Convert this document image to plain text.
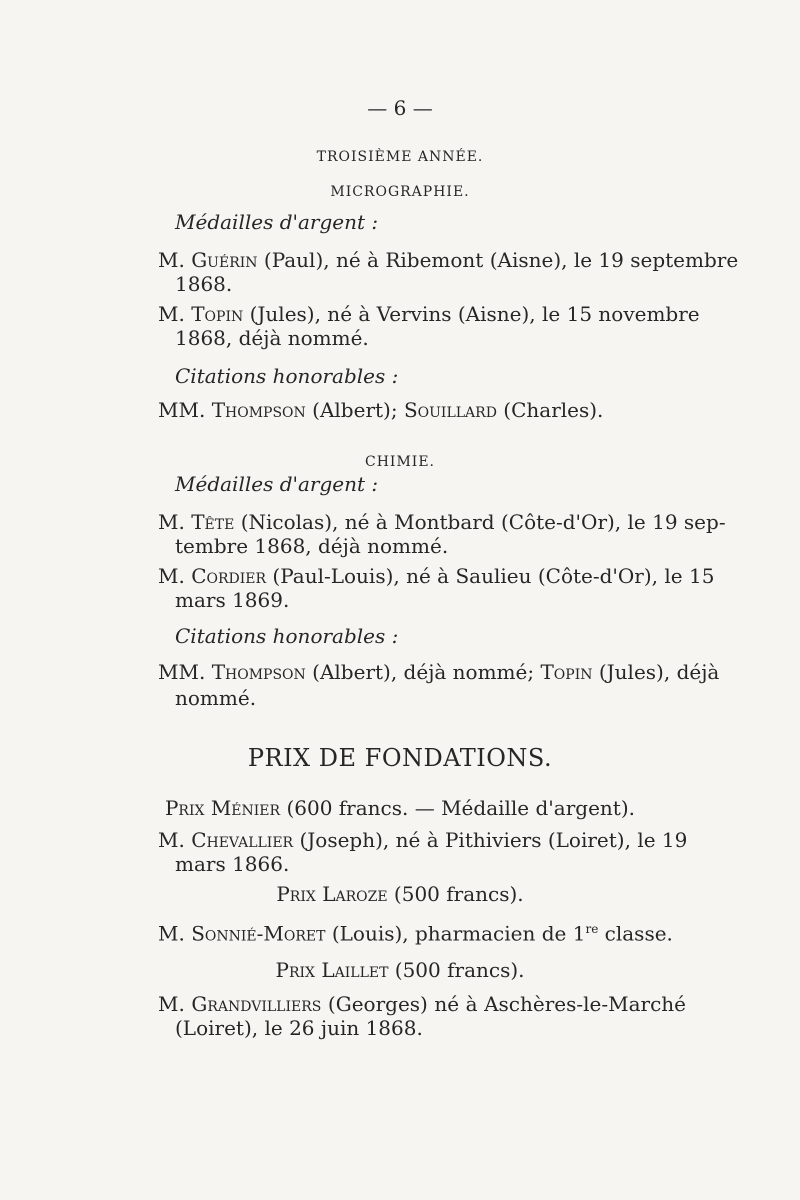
— 6 —
TROISIÈME ANNÉE.
MICROGRAPHIE.
Médailles d'argent :
M. Guérin (Paul), né à Ribemont (Aisne), le 19 septembre
1868.
M. Topin (Jules), né à Vervins (Aisne), le 15 novembre
1868, déjà nommé.
Citations honorables :
MM. Thompson (Albert); Souillard (Charles).
CHIMIE.
Médailles d'argent :
M. Tête (Nicolas), né à Montbard (Côte-d'Or), le 19 sep-
tembre 1868, déjà nommé.
M. Cordier (Paul-Louis), né à Saulieu (Côte-d'Or), le 15
mars 1869.
Citations honorables :
MM. Thompson (Albert), déjà nommé; Topin (Jules), déjà
nommé.
PRIX DE FONDATIONS.
Prix Ménier (600 francs. — Médaille d'argent).
M. Chevallier (Joseph), né à Pithiviers (Loiret), le 19
mars 1866.
Prix Laroze (500 francs).
M. Sonnié-Moret (Louis), pharmacien de 1re classe.
Prix Laillet (500 francs).
M. Grandvilliers (Georges) né à Aschères-le-Marché
(Loiret), le 26 juin 1868.
